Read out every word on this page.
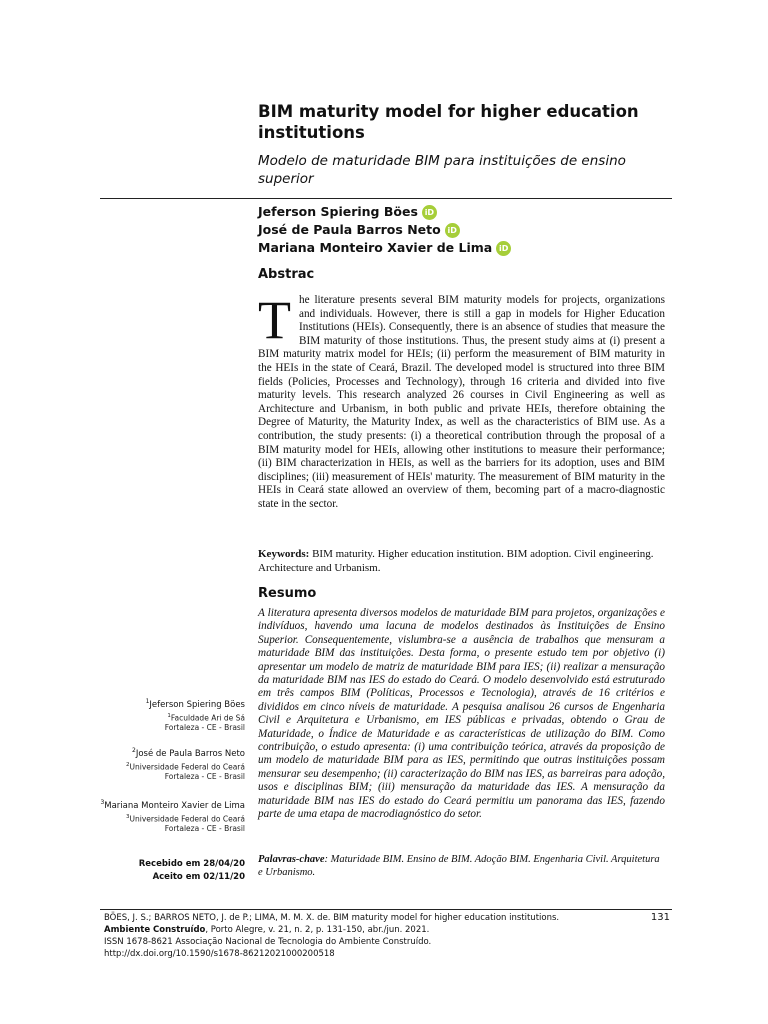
BIM maturity model for higher education institutions
Modelo de maturidade BIM para instituições de ensino superior
Jeferson Spiering Böes iD
José de Paula Barros Neto iD
Mariana Monteiro Xavier de Lima iD
Abstrac

The literature presents several BIM maturity models for projects, organizations and individuals. However, there is still a gap in models for Higher Education Institutions (HEIs). Consequently, there is an absence of studies that measure the BIM maturity of those institutions. Thus, the present study aims at (i) present a BIM maturity matrix model for HEIs; (ii) perform the measurement of BIM maturity in the HEIs in the state of Ceará, Brazil. The developed model is structured into three BIM fields (Policies, Processes and Technology), through 16 criteria and divided into five maturity levels. This research analyzed 26 courses in Civil Engineering as well as Architecture and Urbanism, in both public and private HEIs, therefore obtaining the Degree of Maturity, the Maturity Index, as well as the characteristics of BIM use. As a contribution, the study presents: (i) a theoretical contribution through the proposal of a BIM maturity model for HEIs, allowing other institutions to measure their performance; (ii) BIM characterization in HEIs, as well as the barriers for its adoption, uses and BIM disciplines; (iii) measurement of HEIs' maturity. The measurement of BIM maturity in the HEIs in Ceará state allowed an overview of them, becoming part of a macro-diagnostic state in the sector.

Keywords: BIM maturity. Higher education institution. BIM adoption. Civil engineering. Architecture and Urbanism.

Resumo

A literatura apresenta diversos modelos de maturidade BIM para projetos, organizações e indivíduos, havendo uma lacuna de modelos destinados às Instituições de Ensino Superior. Consequentemente, vislumbra-se a ausência de trabalhos que mensuram a maturidade BIM das instituições. Desta forma, o presente estudo tem por objetivo (i) apresentar um modelo de matriz de maturidade BIM para IES; (ii) realizar a mensuração da maturidade BIM nas IES do estado do Ceará. O modelo desenvolvido está estruturado em três campos BIM (Políticas, Processos e Tecnologia), através de 16 critérios e divididos em cinco níveis de maturidade. A pesquisa analisou 26 cursos de Engenharia Civil e Arquitetura e Urbanismo, em IES públicas e privadas, obtendo o Grau de Maturidade, o Índice de Maturidade e as características de utilização do BIM. Como contribuição, o estudo apresenta: (i) uma contribuição teórica, através da proposição de um modelo de maturidade BIM para as IES, permitindo que outras instituições possam mensurar seu desempenho; (ii) caracterização do BIM nas IES, as barreiras para adoção, usos e disciplinas BIM; (iii) mensuração da maturidade das IES. A mensuração da maturidade BIM nas IES do estado do Ceará permitiu um panorama das IES, fazendo parte de uma etapa de macrodiagnóstico do setor.

Palavras-chave: Maturidade BIM. Ensino de BIM. Adoção BIM. Engenharia Civil. Arquitetura e Urbanismo.

$^1$Jeferson Spiering Böes
$^1$Faculdade Ari de Sá
Fortaleza - CE - Brasil
$^2$José de Paula Barros Neto
$^2$Universidade Federal do Ceará
Fortaleza - CE - Brasil
$^3$Mariana Monteiro Xavier de Lima
$^3$Universidade Federal do Ceará
Fortaleza - CE - Brasil
Recebido em 28/04/20
Aceito em 02/11/20
BÖES, J. S.; BARROS NETO, J. de P.; LIMA, M. M. X. de. BIM maturity model for higher education institutions.
Ambiente Construído, Porto Alegre, v. 21, n. 2, p. 131-150, abr./jun. 2021.
ISSN 1678-8621 Associação Nacional de Tecnologia do Ambiente Construído.
http://dx.doi.org/10.1590/s1678-86212021000200518
131
